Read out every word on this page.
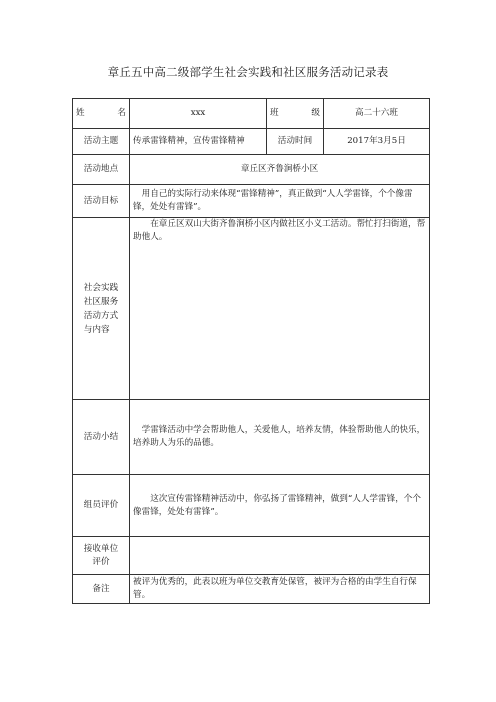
章丘五中高二级部学生社会实践和社区服务活动记录表
姓　名	xxx	班　级	高二十六班
活动主题	传承雷锋精神，宣传雷锋精神	活动时间	2017年3月5日
活动地点	章丘区齐鲁涧桥小区		
活动目标	用自己的实际行动来体现“雷锋精神”，真正做到“人人学雷锋，个个像雷锋，处处有雷锋”。		
社会实践
社区服务
活动方式
与内容	在章丘区双山大街齐鲁涧桥小区内做社区小义工活动。帮忙打扫街道，帮助他人。		
活动小结	学雷锋活动中学会帮助他人，关爱他人，培养友情，体验帮助他人的快乐，培养助人为乐的品德。		
组员评价	这次宣传雷锋精神活动中，你弘扬了雷锋精神，做到“人人学雷锋，个个像雷锋，处处有雷锋”。		
接收单位
评价			
备注	被评为优秀的，此表以班为单位交教育处保管，被评为合格的由学生自行保管。		
